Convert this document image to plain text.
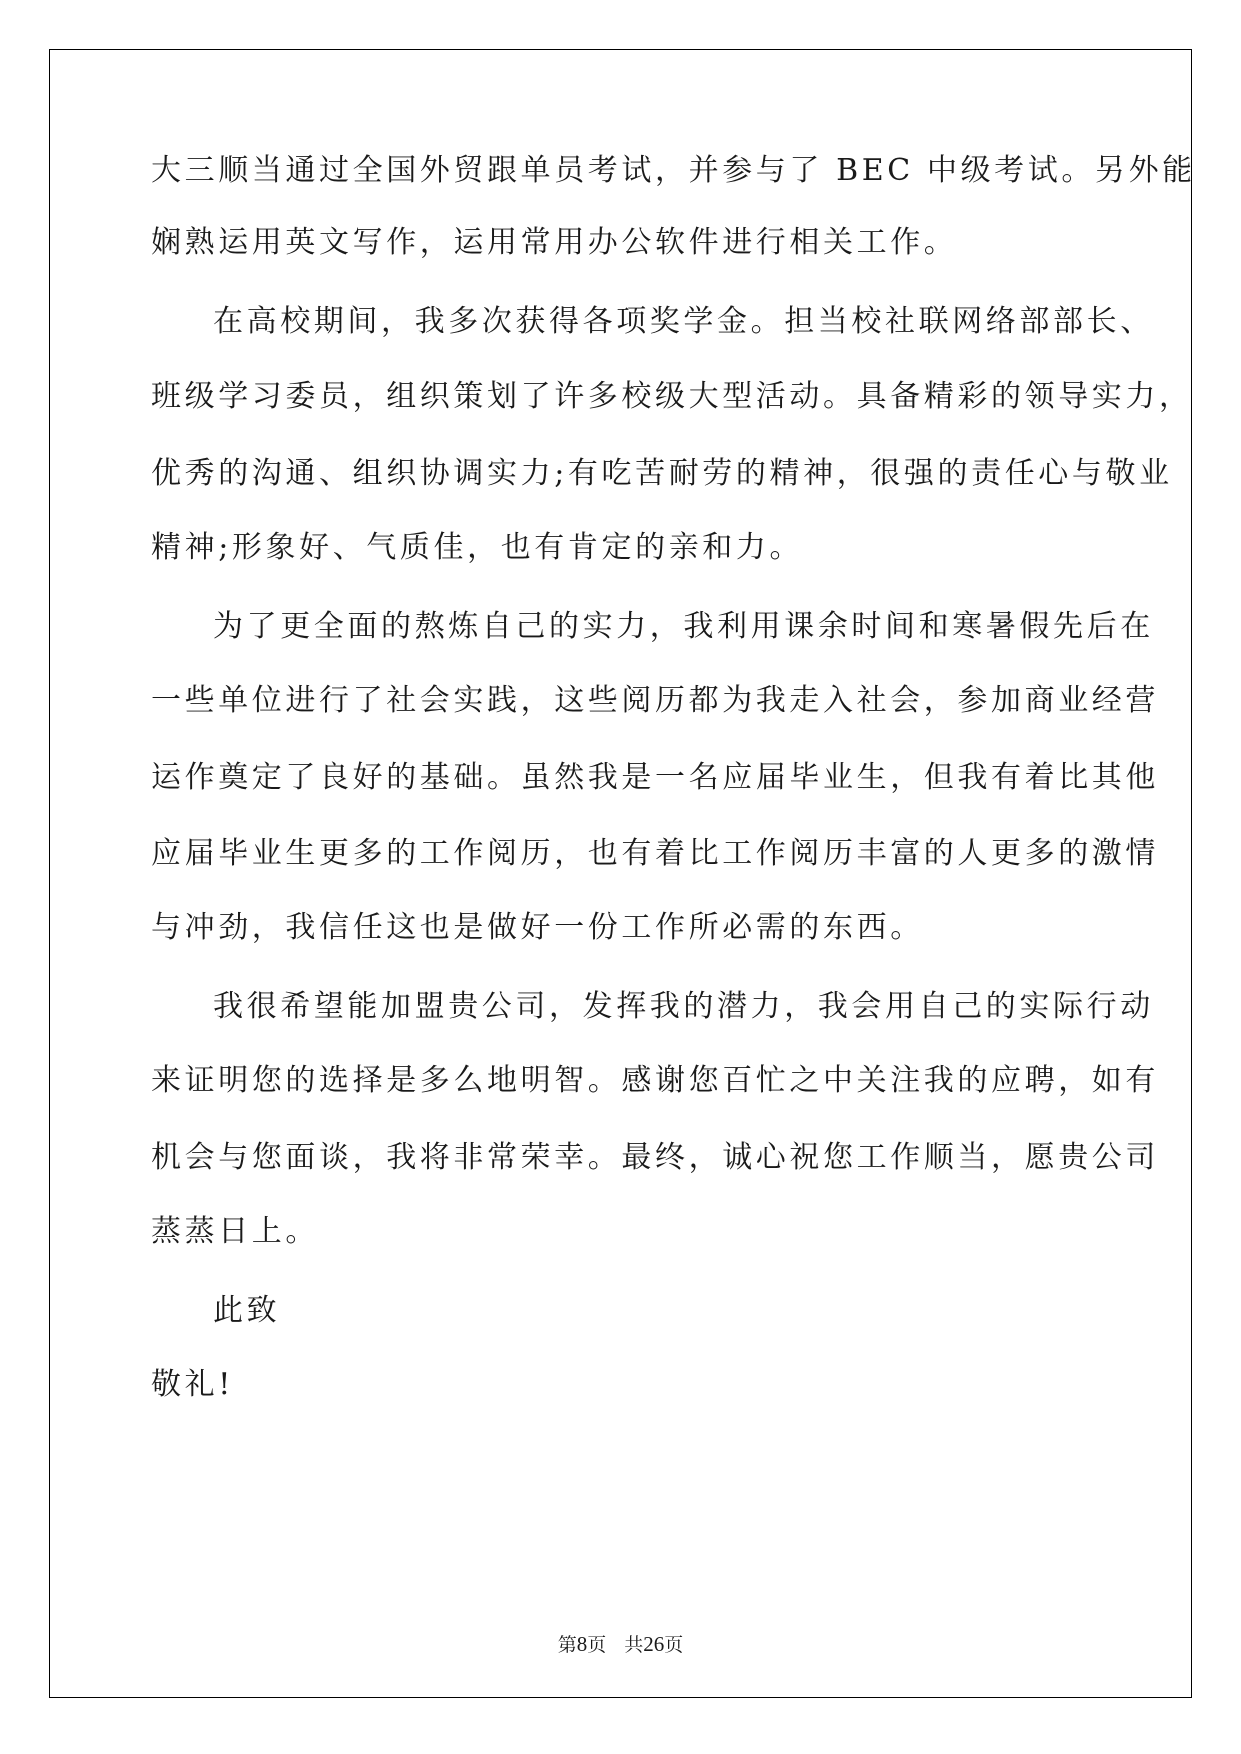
大三顺当通过全国外贸跟单员考试，并参与了 BEC 中级考试。另外能
娴熟运用英文写作，运用常用办公软件进行相关工作。
在高校期间，我多次获得各项奖学金。担当校社联网络部部长、
班级学习委员，组织策划了许多校级大型活动。具备精彩的领导实力，
优秀的沟通、组织协调实力;有吃苦耐劳的精神，很强的责任心与敬业
精神;形象好、气质佳，也有肯定的亲和力。
为了更全面的熬炼自己的实力，我利用课余时间和寒暑假先后在
一些单位进行了社会实践，这些阅历都为我走入社会，参加商业经营
运作奠定了良好的基础。虽然我是一名应届毕业生，但我有着比其他
应届毕业生更多的工作阅历，也有着比工作阅历丰富的人更多的激情
与冲劲，我信任这也是做好一份工作所必需的东西。
我很希望能加盟贵公司，发挥我的潜力，我会用自己的实际行动
来证明您的选择是多么地明智。感谢您百忙之中关注我的应聘，如有
机会与您面谈，我将非常荣幸。最终，诚心祝您工作顺当，愿贵公司
蒸蒸日上。
此致
敬礼!
第8页 共26页
